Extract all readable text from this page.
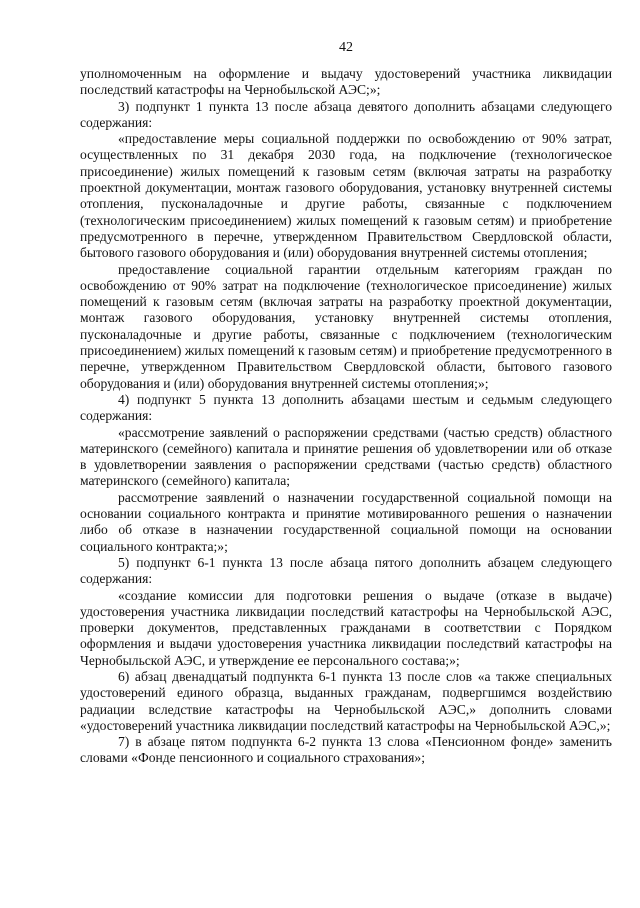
42

уполномоченным на оформление и выдачу удостоверений участника ликвидации последствий катастрофы на Чернобыльской АЭС;»;

3) подпункт 1 пункта 13 после абзаца девятого дополнить абзацами следующего содержания:

«предоставление меры социальной поддержки по освобождению от 90% затрат, осуществленных по 31 декабря 2030 года, на подключение (технологическое присоединение) жилых помещений к газовым сетям (включая затраты на разработку проектной документации, монтаж газового оборудования, установку внутренней системы отопления, пусконаладочные и другие работы, связанные с подключением (технологическим присоединением) жилых помещений к газовым сетям) и приобретение предусмотренного в перечне, утвержденном Правительством Свердловской области, бытового газового оборудования и (или) оборудования внутренней системы отопления;

предоставление социальной гарантии отдельным категориям граждан по освобождению от 90% затрат на подключение (технологическое присоединение) жилых помещений к газовым сетям (включая затраты на разработку проектной документации, монтаж газового оборудования, установку внутренней системы отопления, пусконаладочные и другие работы, связанные с подключением (технологическим присоединением) жилых помещений к газовым сетям) и приобретение предусмотренного в перечне, утвержденном Правительством Свердловской области, бытового газового оборудования и (или) оборудования внутренней системы отопления;»;

4) подпункт 5 пункта 13 дополнить абзацами шестым и седьмым следующего содержания:

«рассмотрение заявлений о распоряжении средствами (частью средств) областного материнского (семейного) капитала и принятие решения об удовлетворении или об отказе в удовлетворении заявления о распоряжении средствами (частью средств) областного материнского (семейного) капитала;

рассмотрение заявлений о назначении государственной социальной помощи на основании социального контракта и принятие мотивированного решения о назначении либо об отказе в назначении государственной социальной помощи на основании социального контракта;»;

5) подпункт 6-1 пункта 13 после абзаца пятого дополнить абзацем следующего содержания:

«создание комиссии для подготовки решения о выдаче (отказе в выдаче) удостоверения участника ликвидации последствий катастрофы на Чернобыльской АЭС, проверки документов, представленных гражданами в соответствии с Порядком оформления и выдачи удостоверения участника ликвидации последствий катастрофы на Чернобыльской АЭС, и утверждение ее персонального состава;»;

6) абзац двенадцатый подпункта 6-1 пункта 13 после слов «а также специальных удостоверений единого образца, выданных гражданам, подвергшимся воздействию радиации вследствие катастрофы на Чернобыльской АЭС,» дополнить словами «удостоверений участника ликвидации последствий катастрофы на Чернобыльской АЭС,»;

7) в абзаце пятом подпункта 6-2 пункта 13 слова «Пенсионном фонде» заменить словами «Фонде пенсионного и социального страхования»;
